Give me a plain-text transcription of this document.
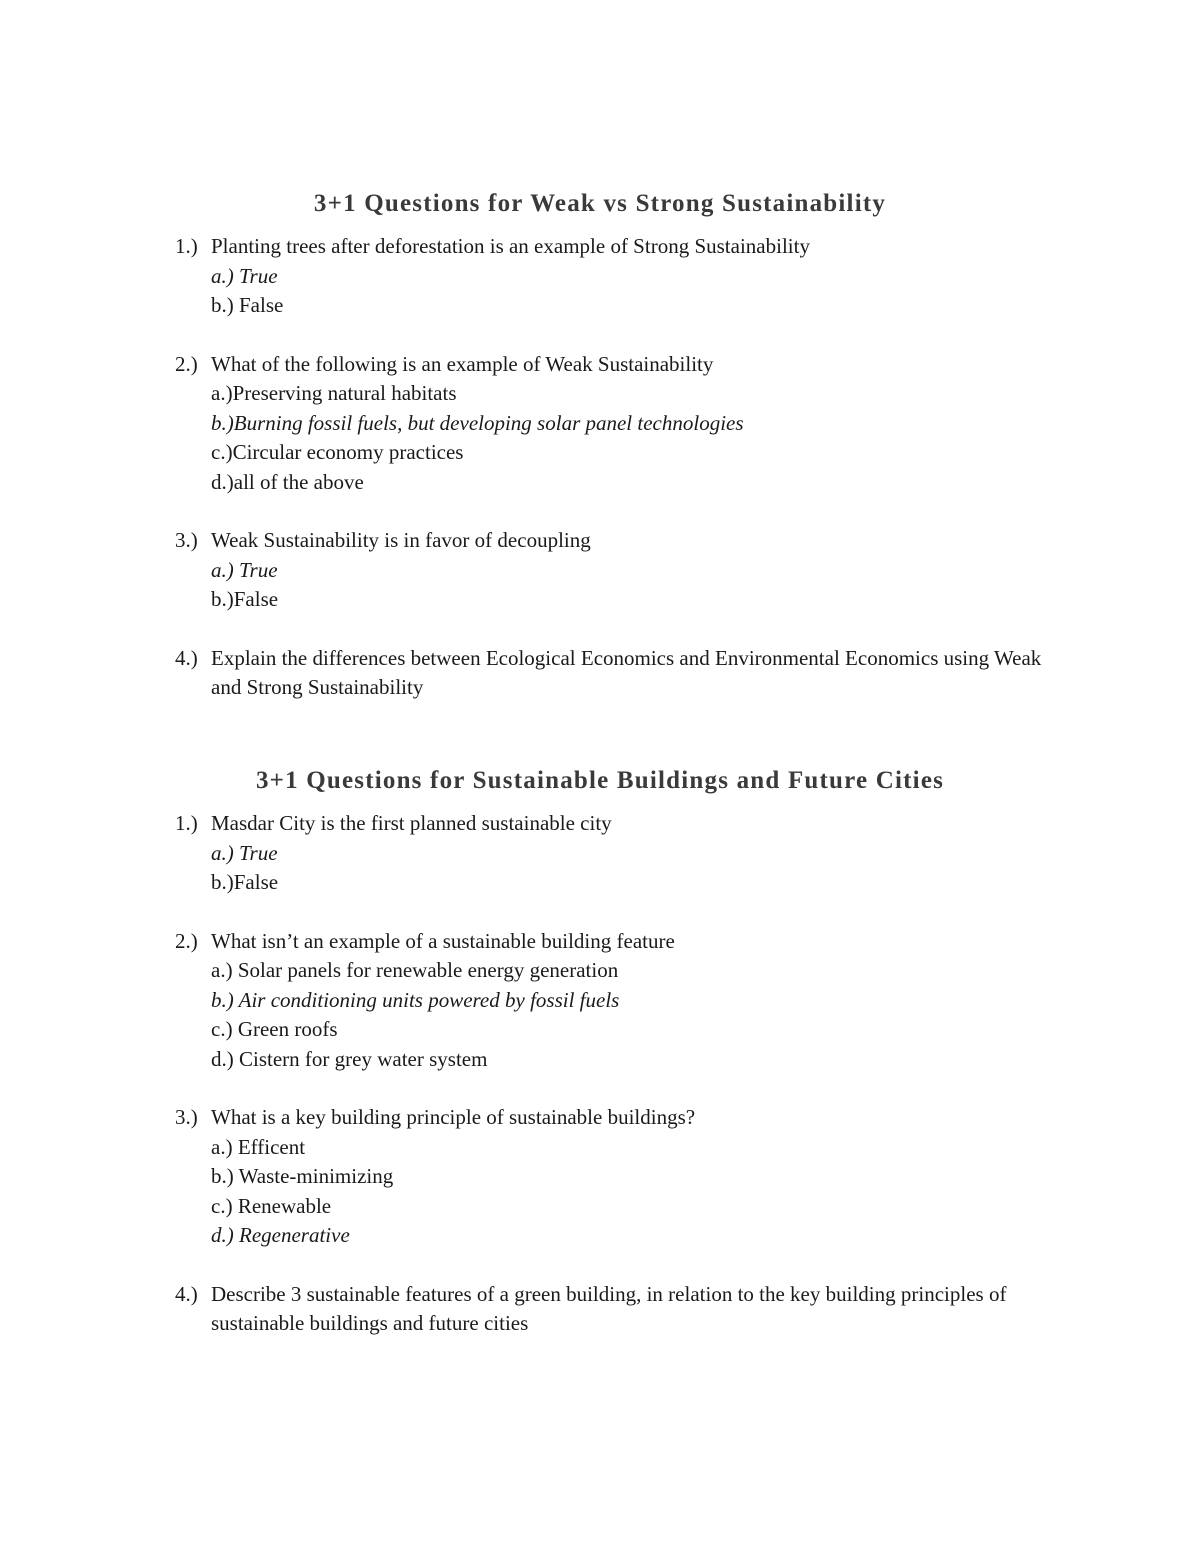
3+1 Questions for Weak vs Strong Sustainability
1.) Planting trees after deforestation is an example of Strong Sustainability
a.) True
b.) False
2.) What of the following is an example of Weak Sustainability
a.)Preserving natural habitats
b.)Burning fossil fuels, but developing solar panel technologies
c.)Circular economy practices
d.)all of the above
3.) Weak Sustainability is in favor of decoupling
a.) True
b.)False
4.) Explain the differences between Ecological Economics and Environmental Economics using Weak and Strong Sustainability
3+1 Questions for Sustainable Buildings and Future Cities
1.) Masdar City is the first planned sustainable city
a.) True
b.)False
2.) What isn’t an example of a sustainable building feature
a.) Solar panels for renewable energy generation
b.) Air conditioning units powered by fossil fuels
c.) Green roofs
d.) Cistern for grey water system
3.) What is a key building principle of sustainable buildings?
a.) Efficent
b.) Waste-minimizing
c.) Renewable
d.) Regenerative
4.) Describe 3 sustainable features of a green building, in relation to the key building principles of sustainable buildings and future cities
